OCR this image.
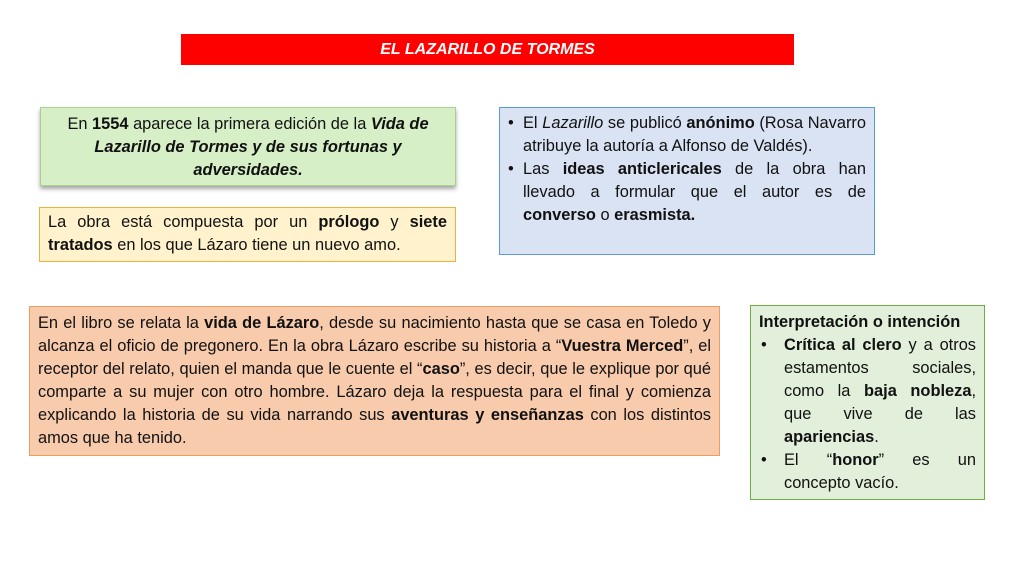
EL LAZARILLO DE TORMES
En 1554 aparece la primera edición de la Vida de Lazarillo de Tormes y de sus fortunas y adversidades.
La obra está compuesta por un prólogo y siete tratados en los que Lázaro tiene un nuevo amo.
• El Lazarillo se publicó anónimo (Rosa Navarro atribuye la autoría a Alfonso de Valdés).
• Las ideas anticlericales de la obra han llevado a formular que el autor es de converso o erasmista.
En el libro se relata la vida de Lázaro, desde su nacimiento hasta que se casa en Toledo y alcanza el oficio de pregonero. En la obra Lázaro escribe su historia a “Vuestra Merced”, el receptor del relato, quien el manda que le cuente el “caso”, es decir, que le explique por qué comparte a su mujer con otro hombre. Lázaro deja la respuesta para el final y comienza explicando la historia de su vida narrando sus aventuras y enseñanzas con los distintos amos que ha tenido.
Interpretación o intención
• Crítica al clero y a otros estamentos sociales, como la baja nobleza, que vive de las apariencias.
• El “honor” es un concepto vacío.
